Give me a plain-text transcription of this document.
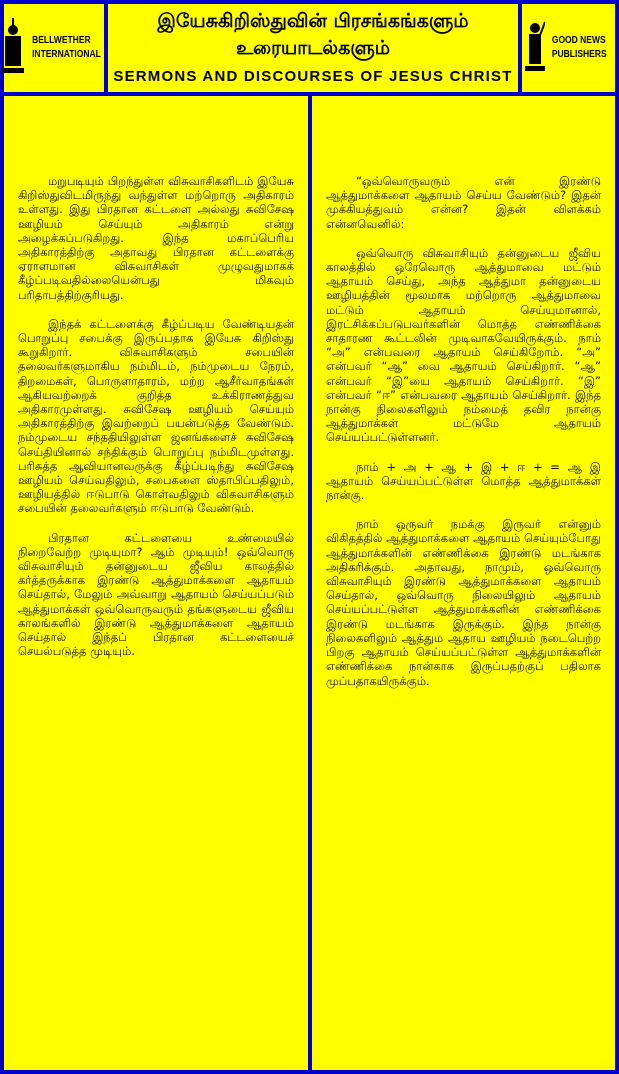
BELLWETHER
INTERNATIONAL
இயேசுகிறிஸ்துவின் பிரசங்கங்களும்
உரையாடல்களும்
SERMONS AND DISCOURSES OF JESUS CHRIST
GOOD NEWS
PUBLISHERS

மறுபடியும் பிறந்துள்ள விசுவாசிகளிடம் இயேசு கிறிஸ்துவிடமிருந்து வந்துள்ள மற்றொரு அதிகாரம் உள்ளது. இது பிரதான கட்டளை அல்லது சுவிசேஷ ஊழியம் செய்யும் அதிகாரம் என்று அழைக்கப்படுகிறது. இந்த மகாப்பெரிய அதிகாரத்திற்கு அதாவது பிரதான கட்டளைக்கு ஏராளமான விசுவாசிகள் முழுவதுமாகக் கீழ்ப்படிவதில்லையென்பது மிகவும் பரிதாபத்திற்குரியது.

இந்தக் கட்டளைக்கு கீழ்ப்படிய வேண்டியதன் பொறுப்பு சபைக்கு இருப்பதாக இயேசு கிறிஸ்து கூறுகிறார். விசுவாசிகளும் சபையின் தலைவர்களுமாகிய நம்மிடம், நம்முடைய நேரம், திறமைகள், பொருளாதாரம், மற்ற ஆசீர்வாதங்கள் ஆகியவற்றைக் குறித்த உக்கிராணத்துவ அதிகாரமுள்ளது. சுவிசேஷ ஊழியம் செய்யும் அதிகாரத்திற்கு இவற்றைப் பயன்படுத்த வேண்டும். நம்முடைய சந்ததியிலுள்ள ஜனங்களைச் சுவிசேஷ செய்தியினால் சந்திக்கும் பொறுப்பு நம்மிடமுள்ளது. பரிசுத்த ஆவியானவருக்கு கீழ்ப்படிந்து சுவிசேஷ ஊழியம் செய்வதிலும், சபைகளை ஸ்தாபிப்பதிலும், ஊழியத்தில் ஈடுபாடு கொள்வதிலும் விசுவாசிகளும் சபையின் தலைவர்களும் ஈடுபாடு வேண்டும்.

பிரதான கட்டளையை உண்மையில் நிறைவேற்ற முடியுமா? ஆம் முடியும்! ஒவ்வொரு விசுவாசியும் தன்னுடைய ஜீவிய காலத்தில் கர்த்தருக்காக இரண்டு ஆத்துமாக்களை ஆதாயம் செய்தால், மேலும் அவ்வாறு ஆதாயம் செய்யப்படும் ஆத்துமாக்கள் ஒவ்வொருவரும் தங்களுடைய ஜீவிய காலங்களில் இரண்டு ஆத்துமாக்களை ஆதாயம் செய்தால் இந்தப் பிரதான கட்டளையைச் செயல்படுத்த முடியும்.

“ஒவ்வொருவரும் என் இரண்டு ஆத்துமாக்களை ஆதாயம் செய்ய வேண்டும்? இதன் முக்கியத்துவம் என்ன? இதன் விளக்கம் என்னவெனில்:

ஒவ்வொரு விசுவாசியும் தன்னுடைய ஜீவிய காலத்தில் ஒரேவொரு ஆத்துமாவை மட்டும் ஆதாயம் செய்து, அந்த ஆத்துமா தன்னுடைய ஊழியத்தின் மூலமாக மற்றொரு ஆத்துமாவை மட்டும் ஆதாயம் செய்யுமானால், இரட்சிக்கப்படுபவர்களின் மொத்த எண்ணிக்கை சாதாரண கூட்டலின் முடிவாகவேயிருக்கும். நாம் “அ” என்பவரை ஆதாயம் செய்கிறோம். “அ” என்பவர் “ஆ” வை ஆதாயம் செய்கிறார். “ஆ” என்பவர் “இ”யை ஆதாயம் செய்கிறார். “இ” என்பவர் “ஈ” என்பவரை ஆதாயம் செய்கிறார். இந்த நான்கு நிலைகளிலும் நம்மைத் தவிர நான்கு ஆத்துமாக்கள் மட்டுமே ஆதாயம் செய்யப்பட்டுள்ளனர்.

நாம் + அ + ஆ + இ + ஈ + = ஆ இ ஆதாயம் செய்யப்பட்டுள்ள மொத்த ஆத்துமாக்கள் நான்கு.

நாம் ஒருவர் நமக்கு இருவர் என்னும் விகிதத்தில் ஆத்துமாக்களை ஆதாயம் செய்யும்போது ஆத்துமாக்களின் எண்ணிக்கை இரண்டு மடங்காக அதிகரிக்கும். அதாவது, நாமும், ஒவ்வொரு விசுவாசியும் இரண்டு ஆத்துமாக்களை ஆதாயம் செய்தால், ஒவ்வொரு நிலையிலும் ஆதாயம் செய்யப்பட்டுள்ள ஆத்துமாக்களின் எண்ணிக்கை இரண்டு மடங்காக இருக்கும். இந்த நான்கு நிலைகளிலும் ஆத்தும ஆதாய ஊழியம் நடைபெற்ற பிறகு ஆதாயம் செய்யப்பட்டுள்ள ஆத்துமாக்களின் எண்ணிக்கை நான்காக இருப்பதற்குப் பதிலாக முப்பதாகயிருக்கும்.
